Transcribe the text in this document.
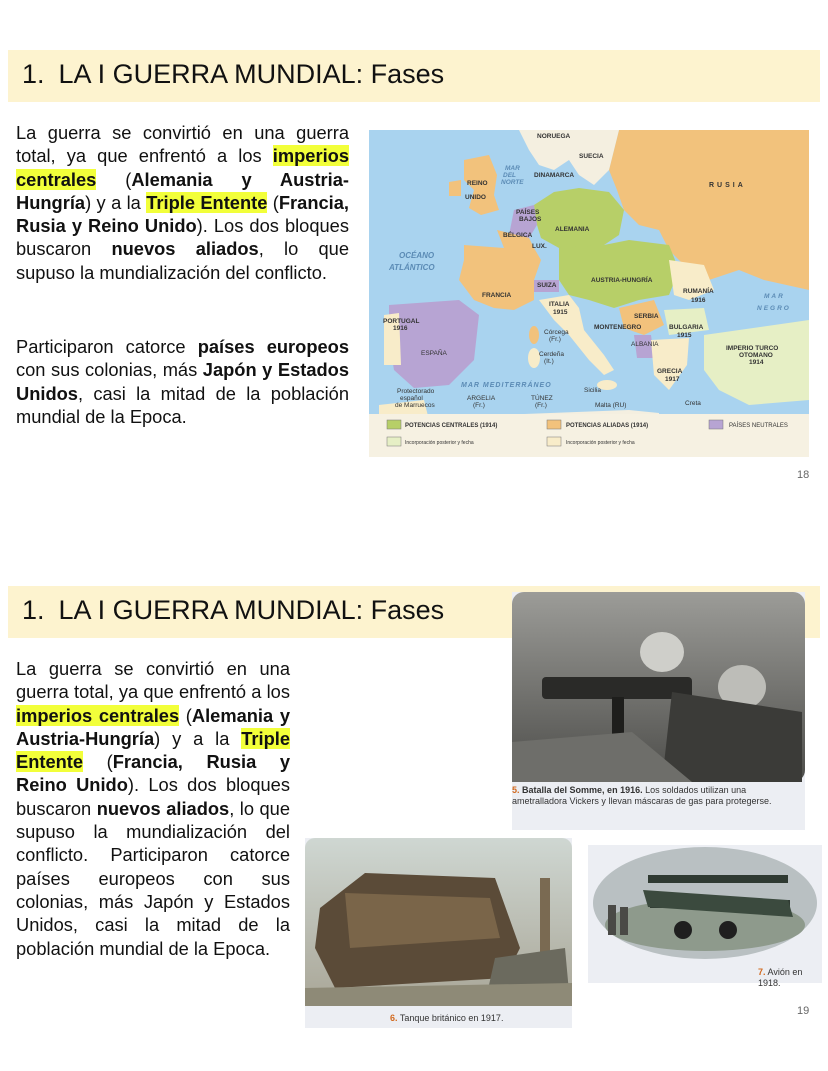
1. LA I GUERRA MUNDIAL: Fases
La guerra se convirtió en una guerra total, ya que enfrentó a los imperios centrales (Alemania y Austria-Hungría) y a la Triple Entente (Francia, Rusia y Reino Unido). Los dos bloques buscaron nuevos aliados, lo que supuso la mundialización del conflicto.
Participaron catorce países europeos con sus colonias, más Japón y Estados Unidos, casi la mitad de la población mundial de la Epoca.
NORUEGA
SUECIA
MAR
DEL
NORTE
DINAMARCA
REINO
UNIDO
RUSIA
PAÍSES
BAJOS
BÉLGICA
LUX.
ALEMANIA
OCÉANO
ATLÁNTICO
FRANCIA
SUIZA
AUSTRIA-HUNGRÍA
RUMANÍA
1916
MAR
NEGRO
ITALIA
1915
PORTUGAL
1916
SERBIA
MONTENEGRO	BULGARIA
1915
Córcega
(Fr.)
ESPAÑA	Cerdeña
(It.)
ALBANIA
IMPERIO TURCO
OTOMANO
1914
GRECIA
1917
MAR MEDITERRÁNEO
Sicilia
Protectorado
español
de Marruecos
ARGELIA
(Fr.)
TÚNEZ
(Fr.)	Malta (RU)	Creta
POTENCIAS CENTRALES (1914)	POTENCIAS ALIADAS (1914)	PAÍSES NEUTRALES
Incorporación posterior y fecha	Incorporación posterior y fecha
18
1. LA I GUERRA MUNDIAL: Fases
La guerra se convirtió en una guerra total, ya que enfrentó a los imperios centrales (Alemania y Austria-Hungría) y a la Triple Entente (Francia, Rusia y Reino Unido). Los dos bloques buscaron nuevos aliados, lo que supuso la mundialización del conflicto. Participaron catorce países europeos con sus colonias, más Japón y Estados Unidos, casi la mitad de la población mundial de la Epoca.
5. Batalla del Somme, en 1916. Los soldados utilizan una ametralladora Vickers y llevan máscaras de gas para protegerse.
6. Tanque británico en 1917.
7. Avión en 1918.
19
